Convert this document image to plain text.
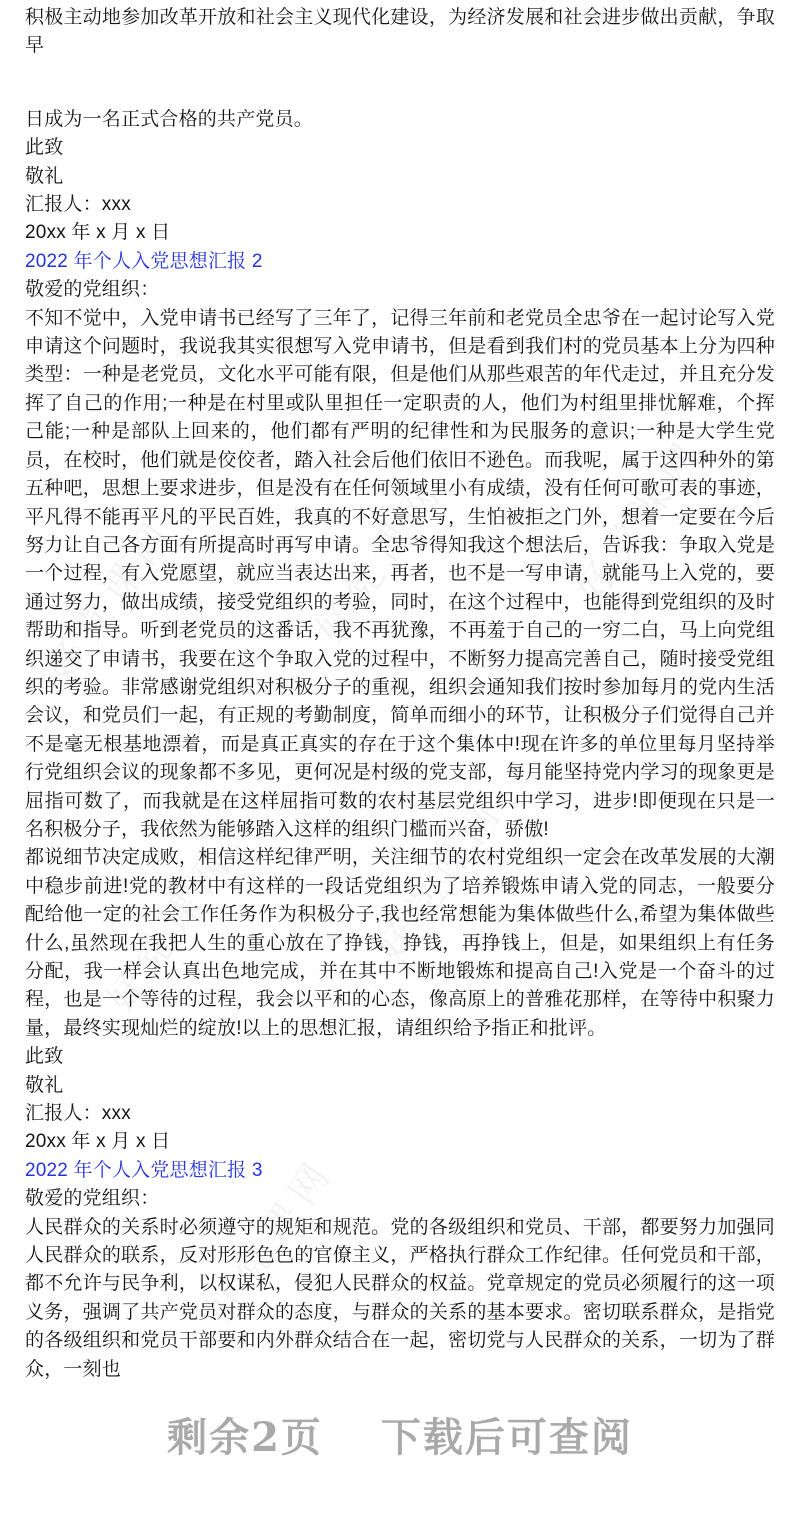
好党课网	好党课网	好党课网
好党课网	好党课网
好党课网

积极主动地参加改革开放和社会主义现代化建设，为经济发展和社会进步做出贡献，争取早

日成为一名正式合格的共产党员。

此致

敬礼

汇报人：xxx

20xx 年 x 月 x 日

2022 年个人入党思想汇报 2

敬爱的党组织：

不知不觉中，入党申请书已经写了三年了，记得三年前和老党员全忠爷在一起讨论写入党申请这个问题时，我说我其实很想写入党申请书，但是看到我们村的党员基本上分为四种类型：一种是老党员，文化水平可能有限，但是他们从那些艰苦的年代走过，并且充分发挥了自己的作用;一种是在村里或队里担任一定职责的人，他们为村组里排忧解难，个挥己能;一种是部队上回来的，他们都有严明的纪律性和为民服务的意识;一种是大学生党员，在校时，他们就是佼佼者，踏入社会后他们依旧不逊色。而我呢，属于这四种外的第五种吧，思想上要求进步，但是没有在任何领域里小有成绩，没有任何可歌可表的事迹，平凡得不能再平凡的平民百姓，我真的不好意思写，生怕被拒之门外，想着一定要在今后努力让自己各方面有所提高时再写申请。全忠爷得知我这个想法后，告诉我：争取入党是一个过程，有入党愿望，就应当表达出来，再者，也不是一写申请，就能马上入党的，要通过努力，做出成绩，接受党组织的考验，同时，在这个过程中，也能得到党组织的及时帮助和指导。听到老党员的这番话，我不再犹豫，不再羞于自己的一穷二白，马上向党组织递交了申请书，我要在这个争取入党的过程中，不断努力提高完善自己，随时接受党组织的考验。非常感谢党组织对积极分子的重视，组织会通知我们按时参加每月的党内生活会议，和党员们一起，有正规的考勤制度，简单而细小的环节，让积极分子们觉得自己并不是毫无根基地漂着，而是真正真实的存在于这个集体中!现在许多的单位里每月坚持举行党组织会议的现象都不多见，更何况是村级的党支部，每月能坚持党内学习的现象更是屈指可数了，而我就是在这样屈指可数的农村基层党组织中学习，进步!即便现在只是一名积极分子，我依然为能够踏入这样的组织门槛而兴奋，骄傲!

都说细节决定成败，相信这样纪律严明，关注细节的农村党组织一定会在改革发展的大潮中稳步前进!党的教材中有这样的一段话党组织为了培养锻炼申请入党的同志，一般要分配给他一定的社会工作任务作为积极分子,我也经常想能为集体做些什么,希望为集体做些什么,虽然现在我把人生的重心放在了挣钱，挣钱，再挣钱上，但是，如果组织上有任务分配，我一样会认真出色地完成，并在其中不断地锻炼和提高自己!入党是一个奋斗的过程，也是一个等待的过程，我会以平和的心态，像高原上的普雅花那样，在等待中积聚力量，最终实现灿烂的绽放!以上的思想汇报，请组织给予指正和批评。

此致

敬礼

汇报人：xxx

20xx 年 x 月 x 日

2022 年个人入党思想汇报 3

敬爱的党组织：

人民群众的关系时必须遵守的规矩和规范。党的各级组织和党员、干部，都要努力加强同人民群众的联系，反对形形色色的官僚主义，严格执行群众工作纪律。任何党员和干部，都不允许与民争利，以权谋私，侵犯人民群众的权益。党章规定的党员必须履行的这一项义务，强调了共产党员对群众的态度，与群众的关系的基本要求。密切联系群众，是指党的各级组织和党员干部要和内外群众结合在一起，密切党与人民群众的关系，一切为了群众，一刻也

剩余2页 下载后可查阅
